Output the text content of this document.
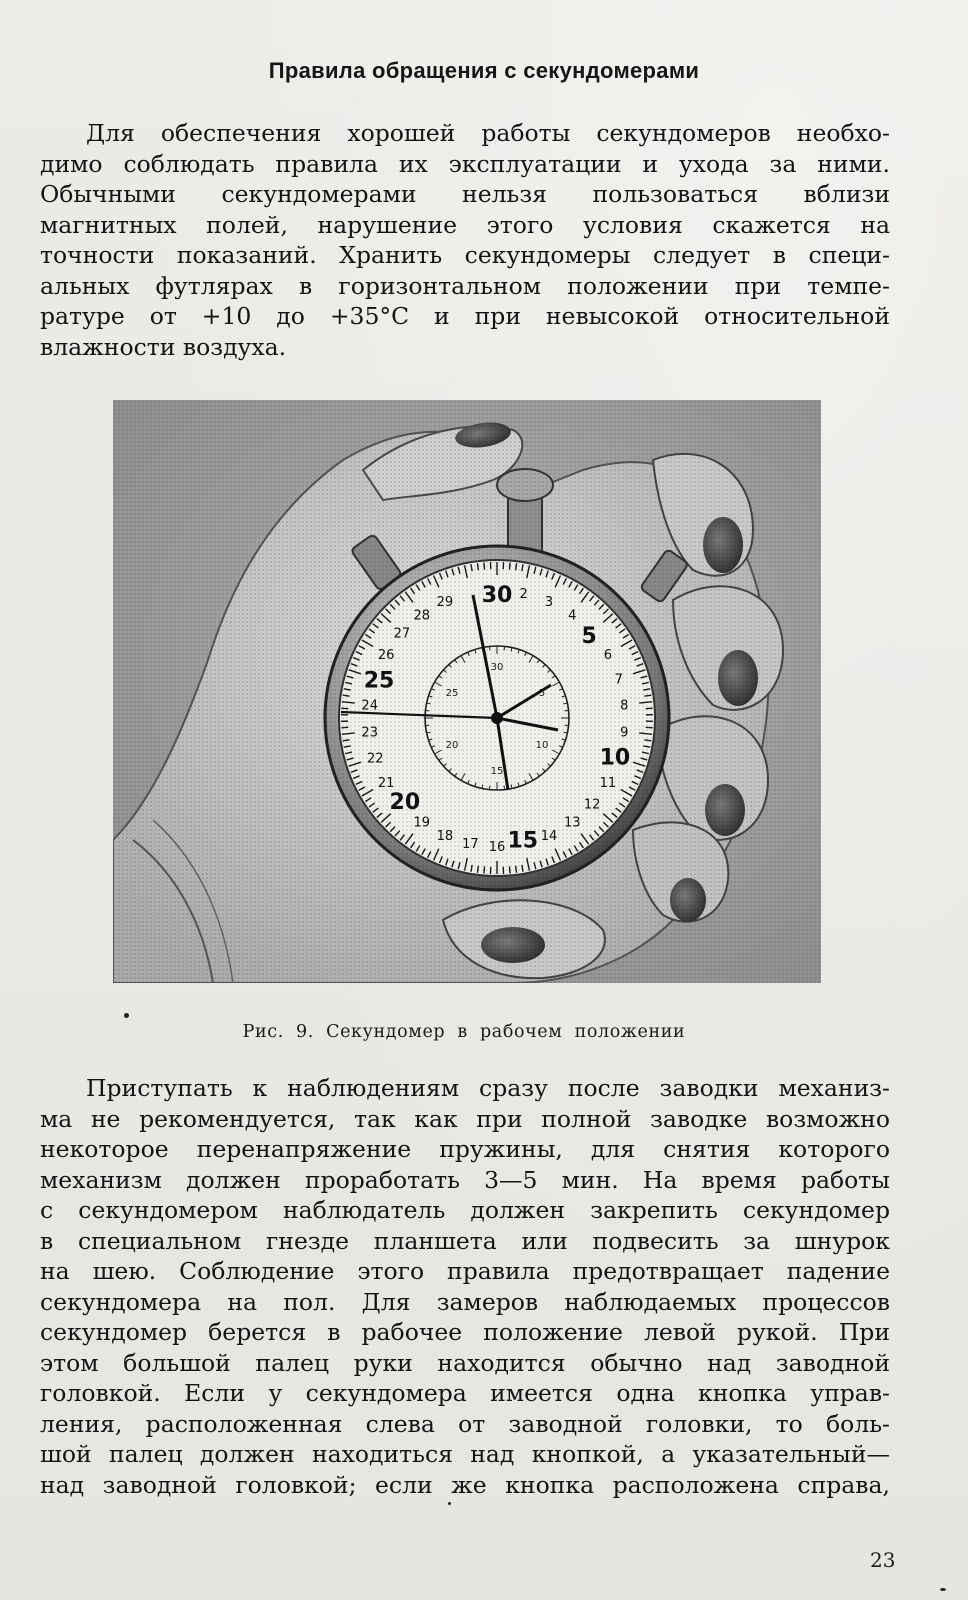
Правила обращения с секундомерами
Для обеспечения хорошей работы секундомеров необхо-
димо соблюдать правила их эксплуатации и ухода за ними.
Обычными секундомерами нельзя пользоваться вблизи
магнитных полей, нарушение этого условия скажется на
точности показаний. Хранить секундомеры следует в специ-
альных футлярах в горизонтальном положении при темпе-
ратуре от +10 до +35°С и при невысокой относительной
влажности воздуха.
Рис. 9. Секундомер в рабочем положении
Приступать к наблюдениям сразу после заводки механиз-
ма не рекомендуется, так как при полной заводке возможно
некоторое перенапряжение пружины, для снятия которого
механизм должен проработать 3—5 мин. На время работы
с секундомером наблюдатель должен закрепить секундомер
в специальном гнезде планшета или подвесить за шнурок
на шею. Соблюдение этого правила предотвращает падение
секундомера на пол. Для замеров наблюдаемых процессов
секундомер берется в рабочее положение левой рукой. При
этом большой палец руки находится обычно над заводной
головкой. Если у секундомера имеется одна кнопка управ-
ления, расположенная слева от заводной головки, то боль-
шой палец должен находиться над кнопкой, а указательный—
над заводной головкой; если же кнопка расположена справа,
23
